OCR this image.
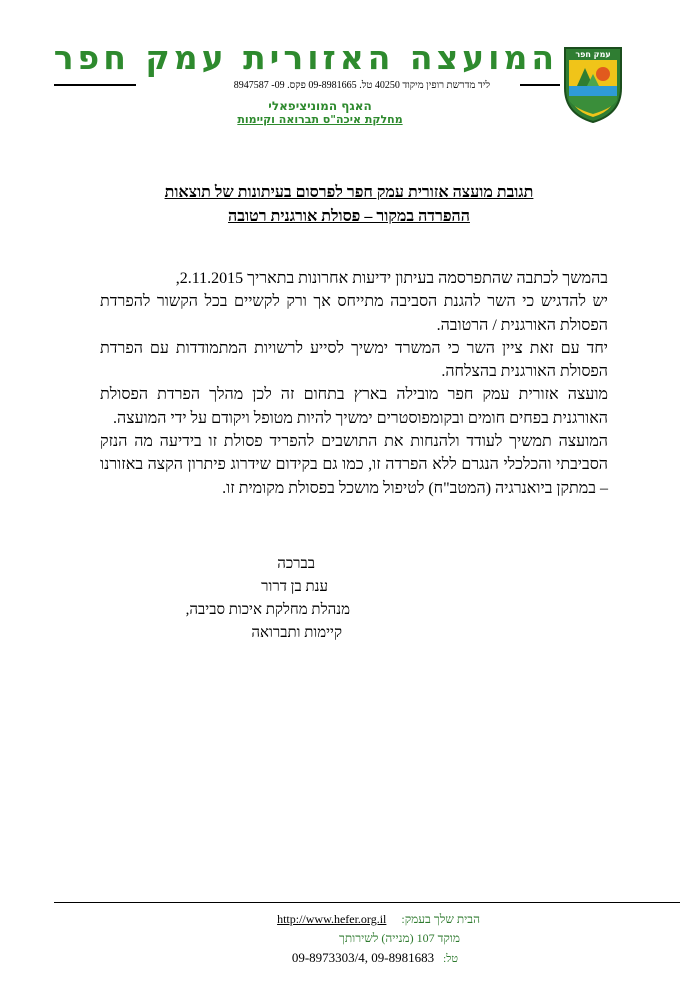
עמק חפר
המועצה האזורית עמק חפר
ליד מדרשת רופין מיקוד 40250 טל. 09-8981665 פקס. 09- 8947587
האגף המוניציפאלי
מחלקת איכה"ס תברואה וקיימות
תגובת מועצה אזורית עמק חפר לפרסום בעיתונות של תוצאות
ההפרדה במקור – פסולת אורגנית רטובה

בהמשך לכתבה שהתפרסמה בעיתון ידיעות אחרונות בתאריך 2.11.2015,

יש להדגיש כי השר להגנת הסביבה מתייחס אך ורק לקשיים בכל הקשור להפרדת הפסולת האורגנית / הרטובה.

יחד עם זאת ציין השר כי המשרד ימשיך לסייע לרשויות המתמודדות עם הפרדת הפסולת האורגנית בהצלחה.

מועצה אזורית עמק חפר מובילה בארץ בתחום זה לכן מהלך הפרדת הפסולת האורגנית בפחים חומים ובקומפוסטרים ימשיך להיות מטופל ויקודם על ידי המועצה.

המועצה תמשיך לעודד ולהנחות את התושבים להפריד פסולת זו בידיעה מה הנזק הסביבתי והכלכלי הנגרם ללא הפרדה זו, כמו גם בקידום שידרוג פיתרון הקצה באזורנו – במתקן ביואנרגיה (המטב"ח) לטיפול מושכל בפסולת מקומית זו.

בברכה
ענת בן דרור
מנהלת מחלקת איכות סביבה,
קיימות ותברואה
הבית שלך בעמק:     http://www.hefer.org.il
מוקד 107 (מנייה) לשירותך
טל:   09-8981683 ,09-8973303/4
